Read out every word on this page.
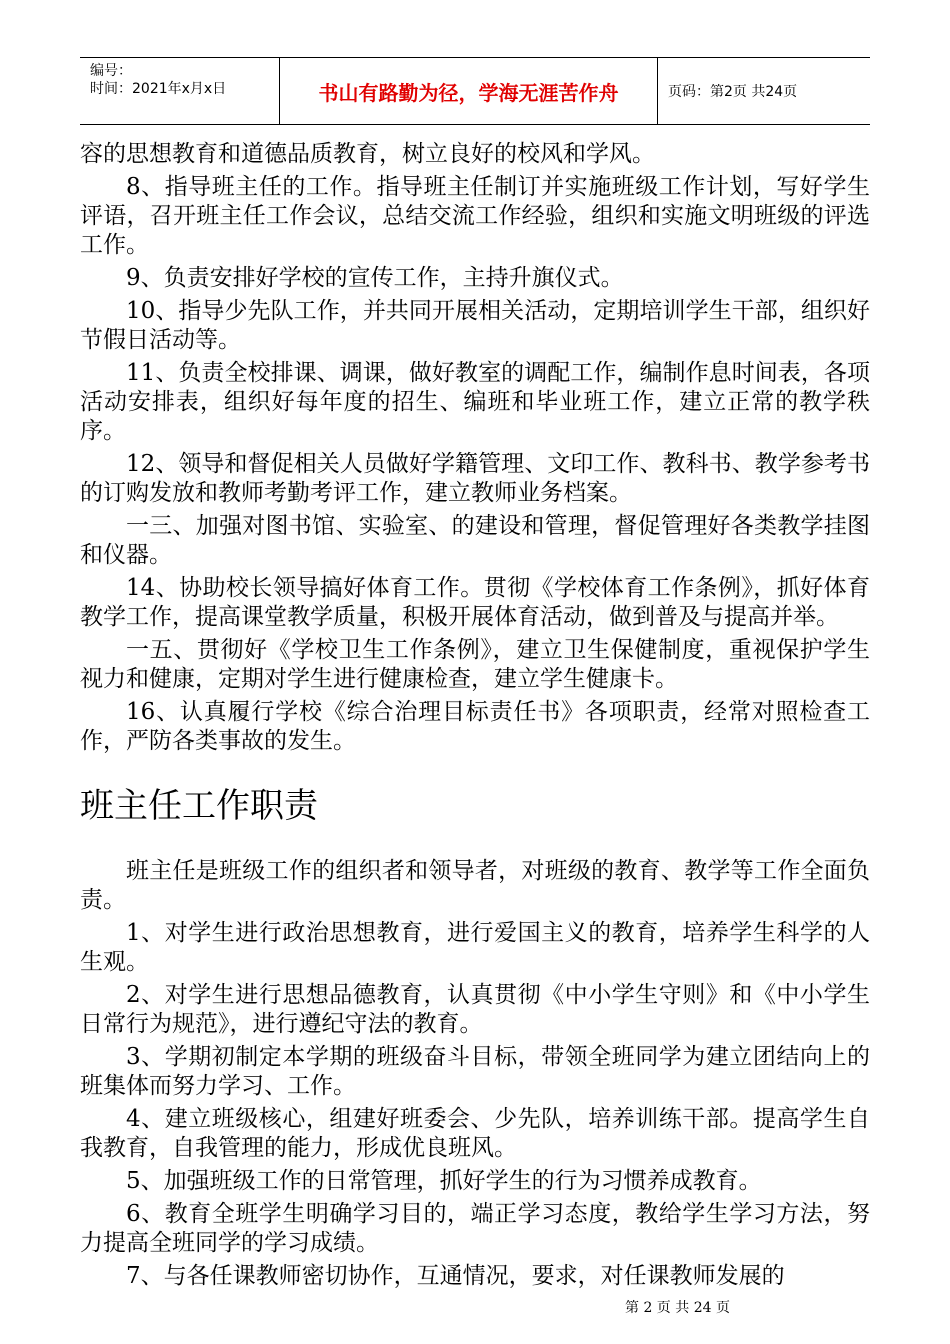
编号：
时间：2021年x月x日	书山有路勤为径，学海无涯苦作舟	页码：第2页 共24页

容的思想教育和道德品质教育，树立良好的校风和学风。

8、指导班主任的工作。指导班主任制订并实施班级工作计划，写好学生评语，召开班主任工作会议，总结交流工作经验，组织和实施文明班级的评选工作。

9、负责安排好学校的宣传工作，主持升旗仪式。

10、指导少先队工作，并共同开展相关活动，定期培训学生干部，组织好节假日活动等。

11、负责全校排课、调课，做好教室的调配工作，编制作息时间表，各项活动安排表，组织好每年度的招生、编班和毕业班工作，建立正常的教学秩序。

12、领导和督促相关人员做好学籍管理、文印工作、教科书、教学参考书的订购发放和教师考勤考评工作，建立教师业务档案。

一三、加强对图书馆、实验室、的建设和管理，督促管理好各类教学挂图和仪器。

14、协助校长领导搞好体育工作。贯彻《学校体育工作条例》，抓好体育教学工作，提高课堂教学质量，积极开展体育活动，做到普及与提高并举。

一五、贯彻好《学校卫生工作条例》，建立卫生保健制度，重视保护学生视力和健康，定期对学生进行健康检查，建立学生健康卡。

16、认真履行学校《综合治理目标责任书》各项职责，经常对照检查工作，严防各类事故的发生。

班主任工作职责

班主任是班级工作的组织者和领导者，对班级的教育、教学等工作全面负责。

1、对学生进行政治思想教育，进行爱国主义的教育，培养学生科学的人生观。

2、对学生进行思想品德教育，认真贯彻《中小学生守则》和《中小学生日常行为规范》，进行遵纪守法的教育。

3、学期初制定本学期的班级奋斗目标，带领全班同学为建立团结向上的班集体而努力学习、工作。

4、建立班级核心，组建好班委会、少先队，培养训练干部。提高学生自我教育，自我管理的能力，形成优良班风。

5、加强班级工作的日常管理，抓好学生的行为习惯养成教育。

6、教育全班学生明确学习目的，端正学习态度，教给学生学习方法，努力提高全班同学的学习成绩。

7、与各任课教师密切协作，互通情况，要求，对任课教师发展的

第 2 页 共 24 页
